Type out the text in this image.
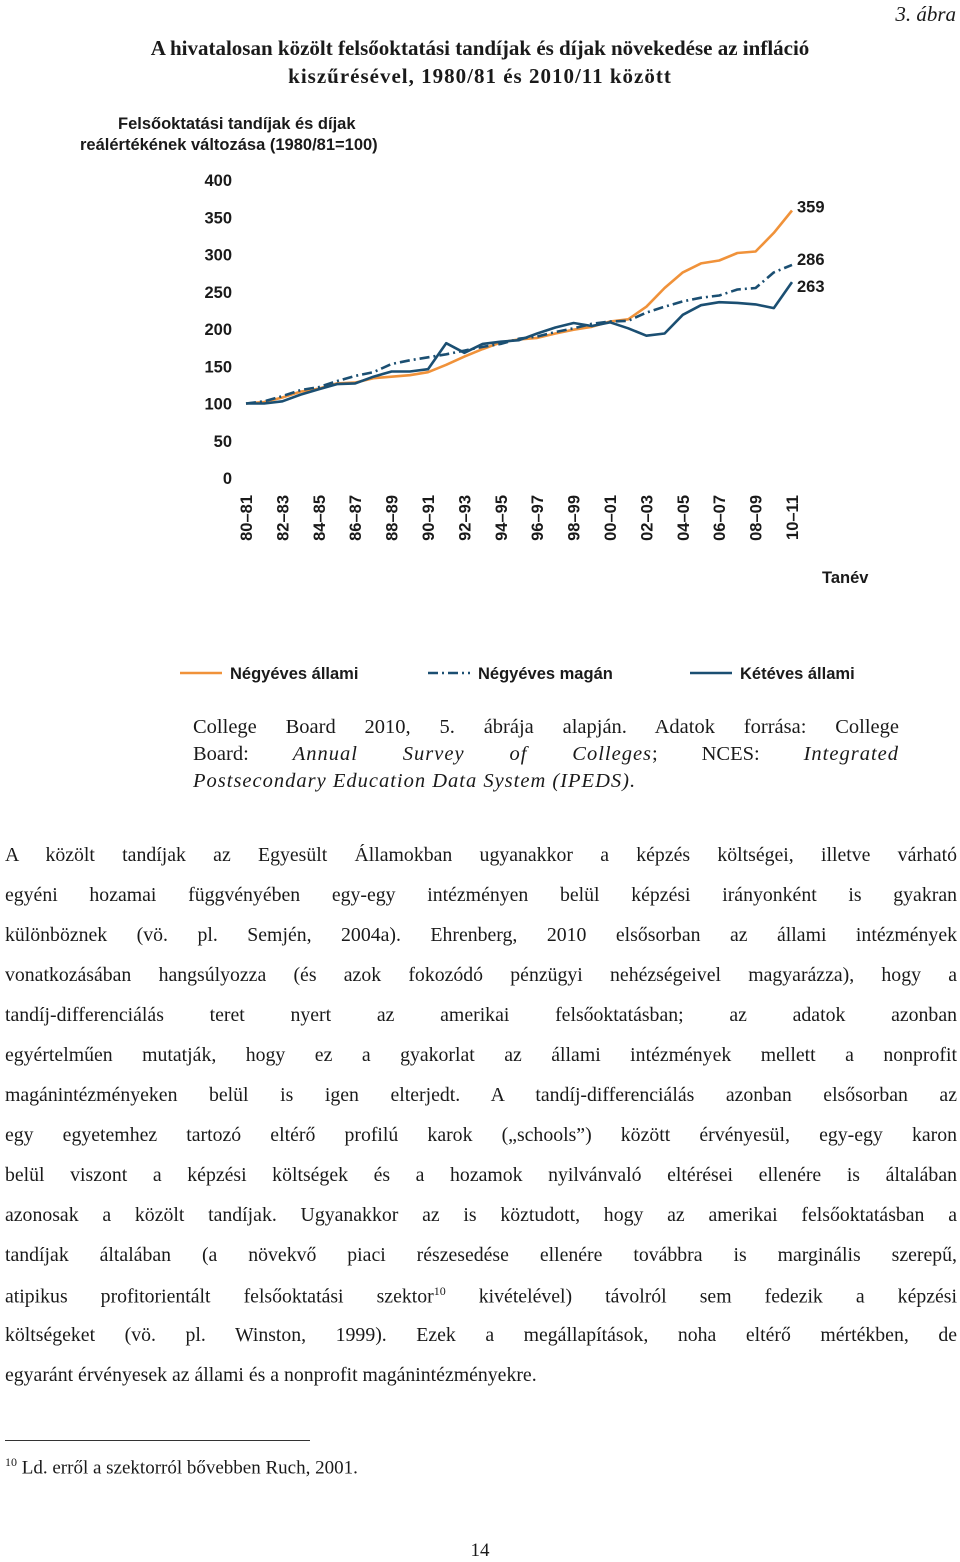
3. ábra
A hivatalosan közölt felsőoktatási tandíjak és díjak növekedése az infláció
kiszűrésével, 1980/81 és 2010/11 között
Felsőoktatási tandíjak és díjak
reálértékének változása (1980/81=100)
0
50
100
150
200
250
300
350
400
80–81 82–83 84–85 86–87 88–89 90–91 92–93 94–95 96–97 98–99 00–01 02–03 04–05 06–07 08–09 10–11
Tanév
359
286
263
Négyéves állami	Négyéves magán	Kétéves állami
College Board 2010, 5. ábrája alapján. Adatok forrása: College
Board: Annual Survey of Colleges; NCES: Integrated
Postsecondary Education Data System (IPEDS).
A közölt tandíjak az Egyesült Államokban ugyanakkor a képzés költségei, illetve várható
egyéni hozamai függvényében egy-egy intézményen belül képzési irányonként is gyakran
különböznek (vö. pl. Semjén, 2004a). Ehrenberg, 2010 elsősorban az állami intézmények
vonatkozásában hangsúlyozza (és azok fokozódó pénzügyi nehézségeivel magyarázza), hogy a
tandíj-differenciálás teret nyert az amerikai felsőoktatásban; az adatok azonban
egyértelműen mutatják, hogy ez a gyakorlat az állami intézmények mellett a nonprofit
magánintézményeken belül is igen elterjedt. A tandíj-differenciálás azonban elsősorban az
egy egyetemhez tartozó eltérő profilú karok („schools”) között érvényesül, egy-egy karon
belül viszont a képzési költségek és a hozamok nyilvánvaló eltérései ellenére is általában
azonosak a közölt tandíjak. Ugyanakkor az is köztudott, hogy az amerikai felsőoktatásban a
tandíjak általában (a növekvő piaci részesedése ellenére továbbra is marginális szerepű,
atipikus profitorientált felsőoktatási szektor$^{10}$ kivételével) távolról sem fedezik a képzési
költségeket (vö. pl. Winston, 1999). Ezek a megállapítások, noha eltérő mértékben, de
egyaránt érvényesek az állami és a nonprofit magánintézményekre.
$^{10}$ Ld. erről a szektorról bővebben Ruch, 2001.
14
